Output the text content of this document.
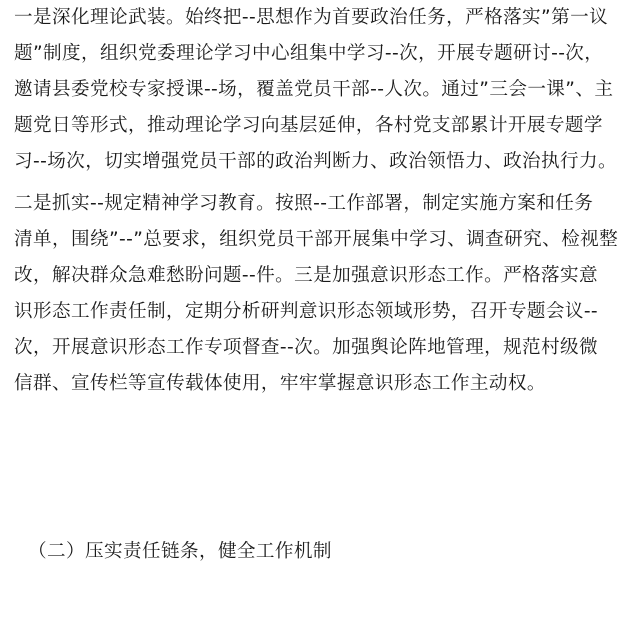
一是深化理论武装。始终把--思想作为首要政治任务，严格落实”第一议
题”制度，组织党委理论学习中心组集中学习--次，开展专题研讨--次，
邀请县委党校专家授课--场，覆盖党员干部--人次。通过”三会一课”、主
题党日等形式，推动理论学习向基层延伸，各村党支部累计开展专题学
习--场次，切实增强党员干部的政治判断力、政治领悟力、政治执行力。

二是抓实--规定精神学习教育。按照--工作部署，制定实施方案和任务
清单，围绕”--”总要求，组织党员干部开展集中学习、调查研究、检视整
改，解决群众急难愁盼问题--件。三是加强意识形态工作。严格落实意
识形态工作责任制，定期分析研判意识形态领域形势，召开专题会议--
次，开展意识形态工作专项督查--次。加强舆论阵地管理，规范村级微
信群、宣传栏等宣传载体使用，牢牢掌握意识形态工作主动权。

（二）压实责任链条，健全工作机制
